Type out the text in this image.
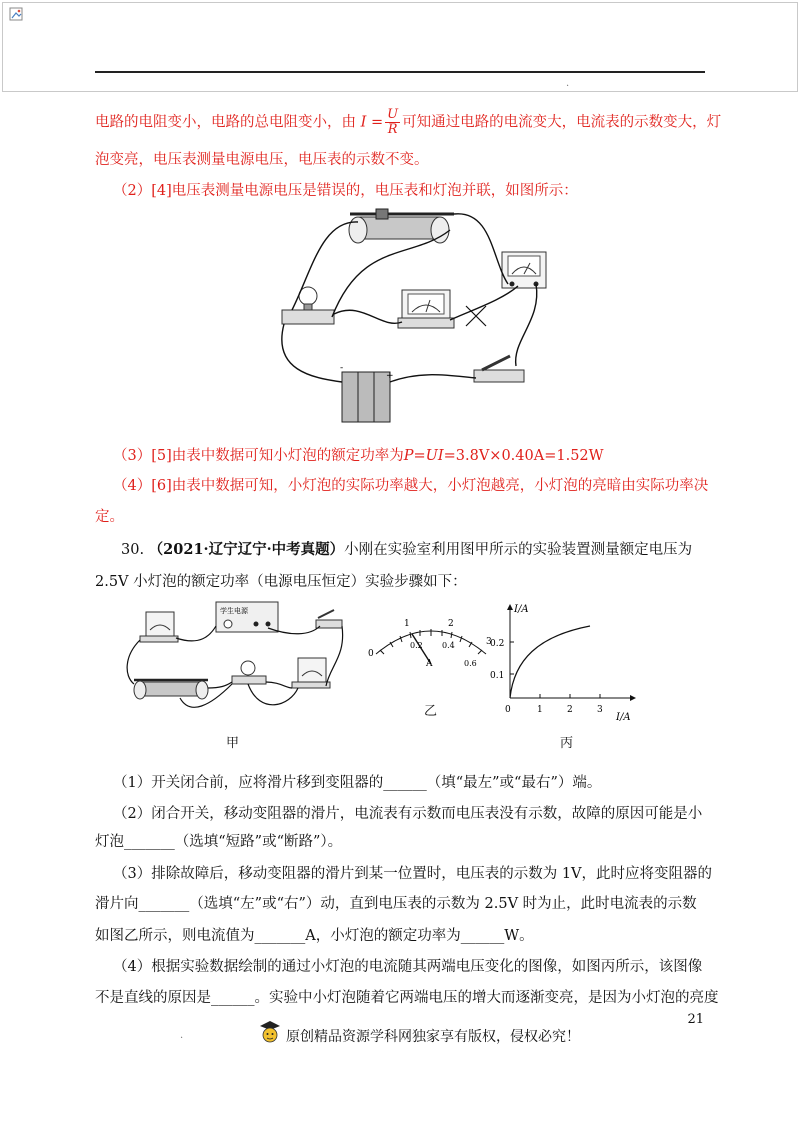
.
电路的电阻变小，电路的总电阻变小，由 $I = \frac{U}{R}$ 可知通过电路的电流变大，电流表的示数变大，灯
泡变亮，电压表测量电源电压，电压表的示数不变。
（2）[4]电压表测量电源电压是错误的，电压表和灯泡并联，如图所示：
-
+
（3）[5]由表中数据可知小灯泡的额定功率为P=UI=3.8V×0.40A=1.52W
（4）[6]由表中数据可知，小灯泡的实际功率越大，小灯泡越亮，小灯泡的亮暗由实际功率决
定。
30. （2021·辽宁辽宁·中考真题）小刚在实验室利用图甲所示的实验装置测量额定电压为
2.5V 小灯泡的额定功率（电源电压恒定）实验步骤如下：
学生电源
甲
0
1	2
3
0.2 0.4
0.6
A
乙
I/A
I/A
0.1
0.2
0	1	2	3
丙
（1）开关闭合前，应将滑片移到变阻器的______（填“最左”或“最右”）端。
（2）闭合开关，移动变阻器的滑片，电流表有示数而电压表没有示数，故障的原因可能是小
灯泡_______（选填“短路”或“断路”）。
（3）排除故障后，移动变阻器的滑片到某一位置时，电压表的示数为 1V，此时应将变阻器的
滑片向_______（选填“左”或“右”）动，直到电压表的示数为 2.5V 时为止，此时电流表的示数
如图乙所示，则电流值为_______A，小灯泡的额定功率为______W。
（4）根据实验数据绘制的通过小灯泡的电流随其两端电压变化的图像，如图丙所示，该图像
不是直线的原因是______。实验中小灯泡随着它两端电压的增大而逐渐变亮，是因为小灯泡的亮度
21
.	原创精品资源学科网独家享有版权，侵权必究！
